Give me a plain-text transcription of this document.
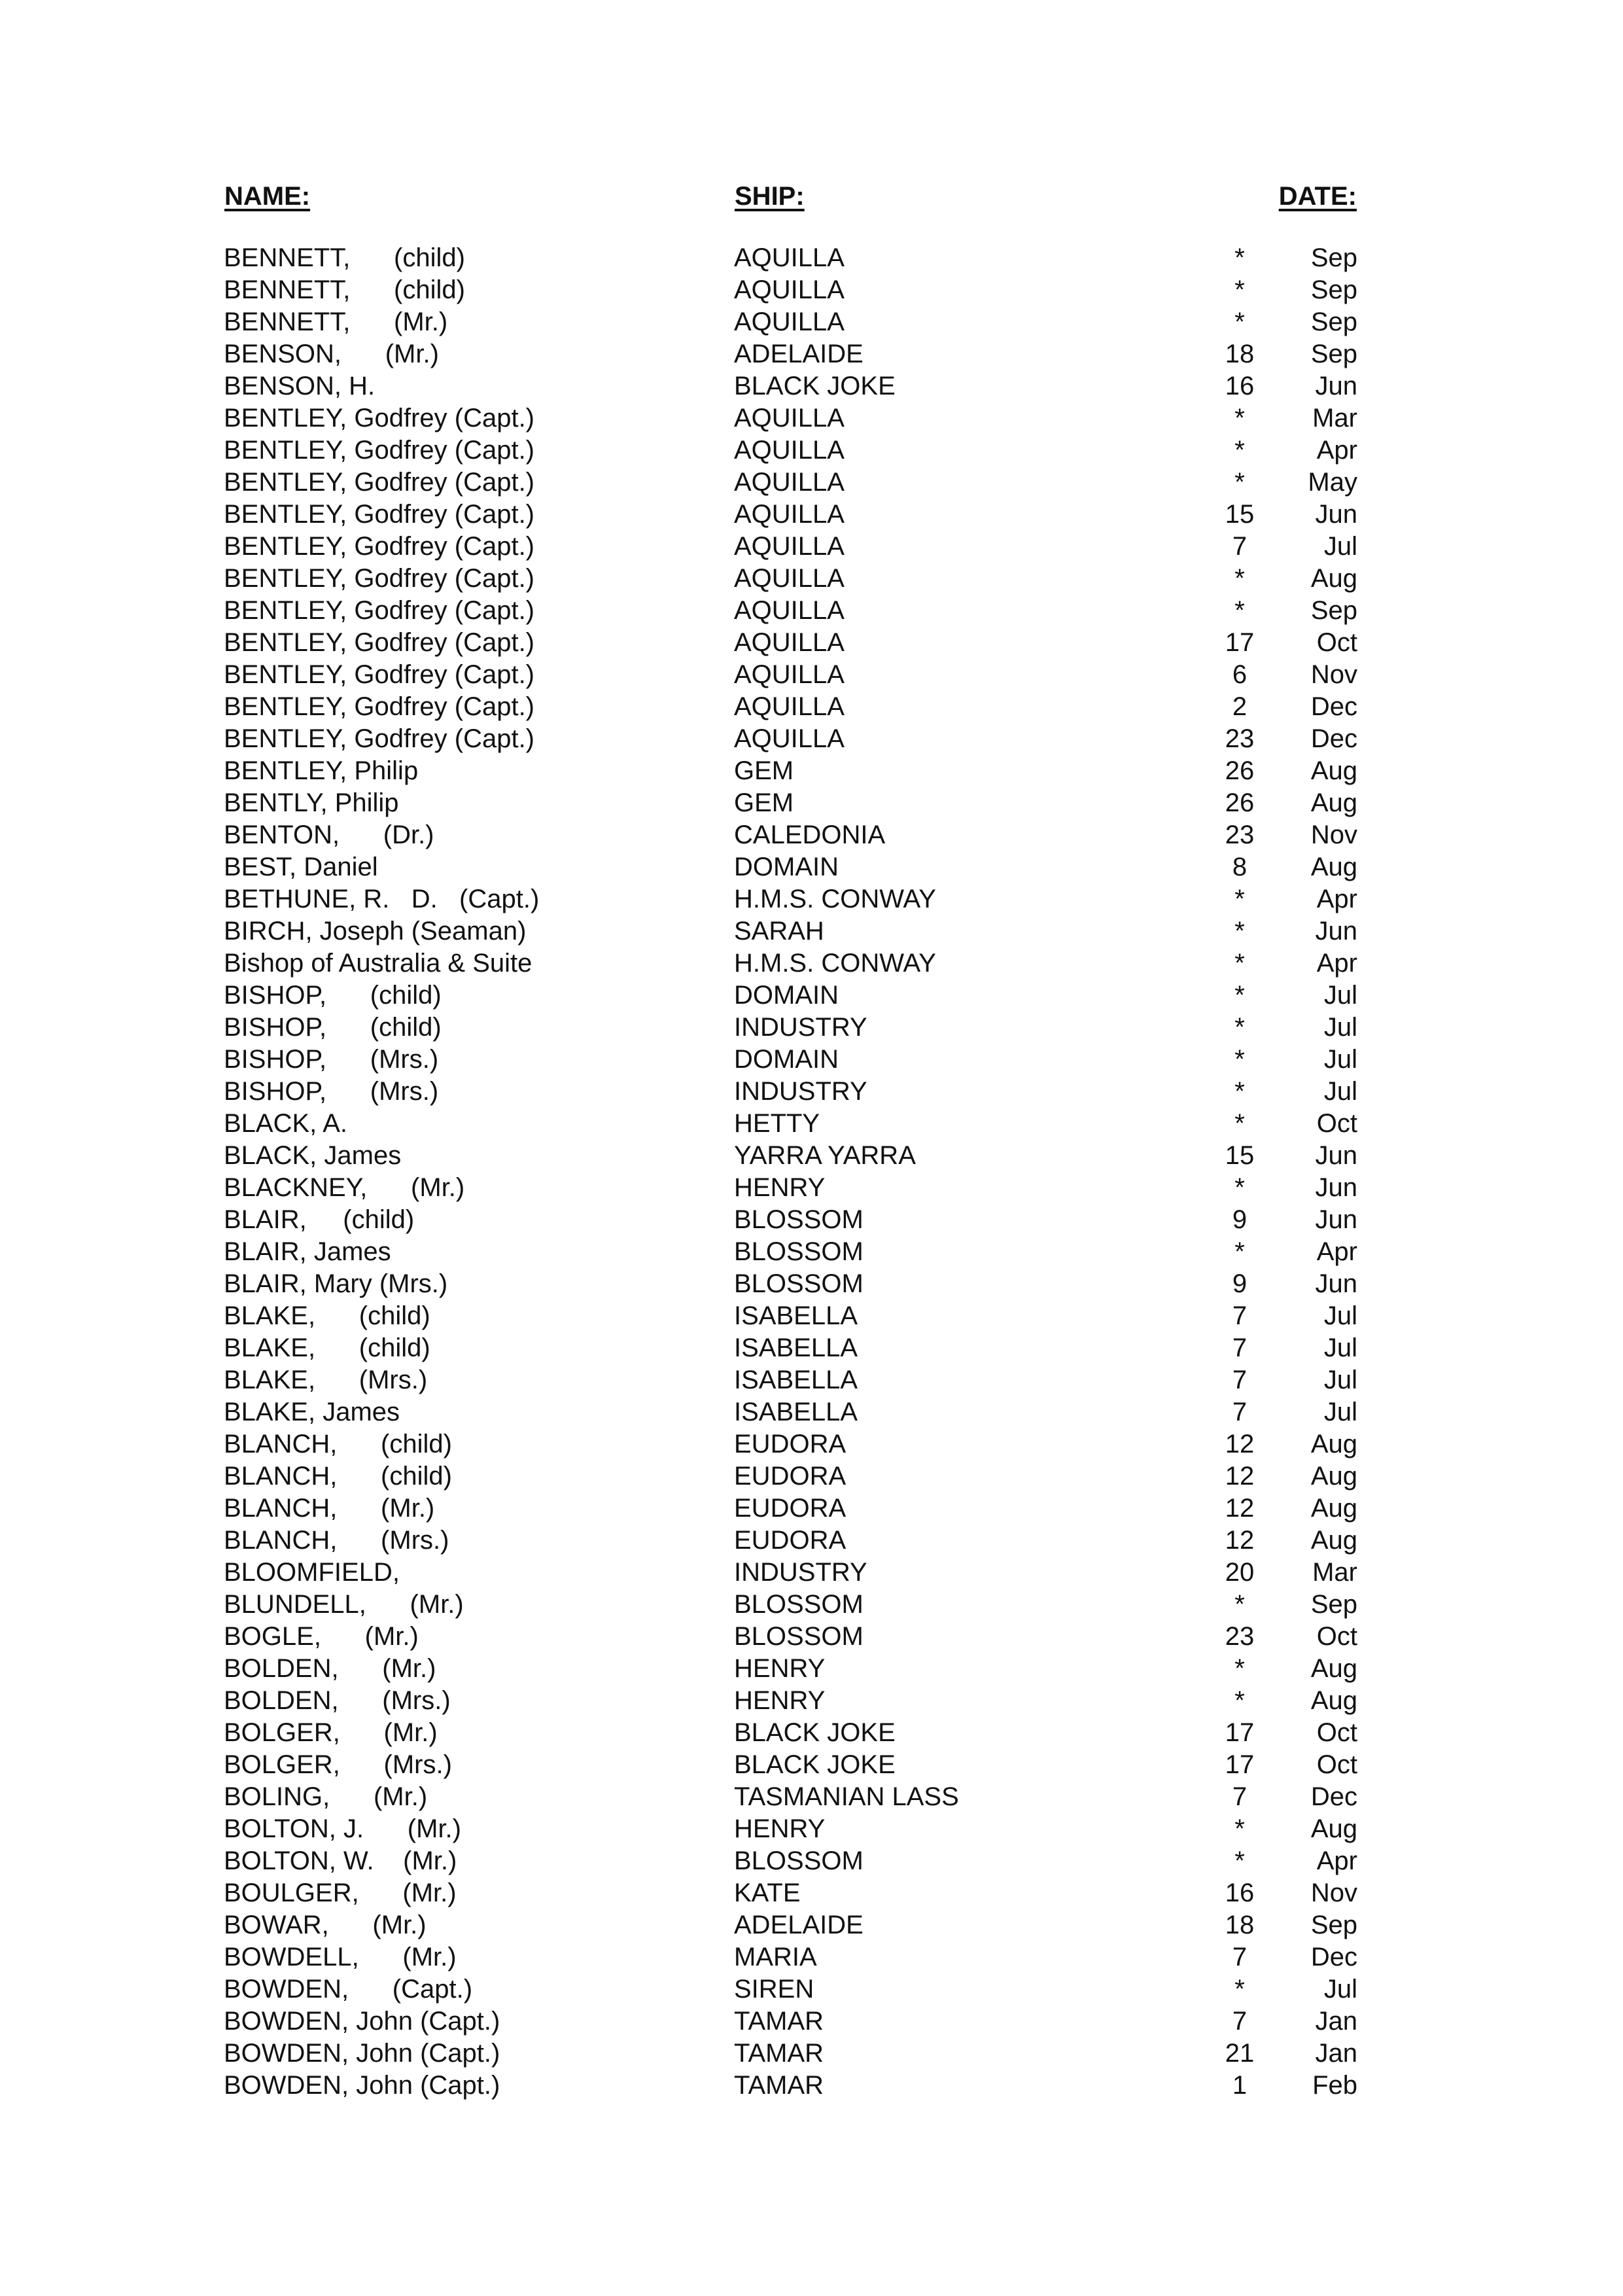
NAME:	SHIP:	DATE:
BENNETT,      (child)	AQUILLA	*	Sep
BENNETT,      (child)	AQUILLA	*	Sep
BENNETT,      (Mr.)	AQUILLA	*	Sep
BENSON,      (Mr.)	ADELAIDE	18	Sep
BENSON, H.	BLACK JOKE	16	Jun
BENTLEY, Godfrey (Capt.)	AQUILLA	*	Mar
BENTLEY, Godfrey (Capt.)	AQUILLA	*	Apr
BENTLEY, Godfrey (Capt.)	AQUILLA	*	May
BENTLEY, Godfrey (Capt.)	AQUILLA	15	Jun
BENTLEY, Godfrey (Capt.)	AQUILLA	7	Jul
BENTLEY, Godfrey (Capt.)	AQUILLA	*	Aug
BENTLEY, Godfrey (Capt.)	AQUILLA	*	Sep
BENTLEY, Godfrey (Capt.)	AQUILLA	17	Oct
BENTLEY, Godfrey (Capt.)	AQUILLA	6	Nov
BENTLEY, Godfrey (Capt.)	AQUILLA	2	Dec
BENTLEY, Godfrey (Capt.)	AQUILLA	23	Dec
BENTLEY, Philip	GEM	26	Aug
BENTLY, Philip	GEM	26	Aug
BENTON,      (Dr.)	CALEDONIA	23	Nov
BEST, Daniel	DOMAIN	8	Aug
BETHUNE, R.   D.   (Capt.)	H.M.S. CONWAY	*	Apr
BIRCH, Joseph (Seaman)	SARAH	*	Jun
Bishop of Australia & Suite	H.M.S. CONWAY	*	Apr
BISHOP,      (child)	DOMAIN	*	Jul
BISHOP,      (child)	INDUSTRY	*	Jul
BISHOP,      (Mrs.)	DOMAIN	*	Jul
BISHOP,      (Mrs.)	INDUSTRY	*	Jul
BLACK, A.	HETTY	*	Oct
BLACK, James	YARRA YARRA	15	Jun
BLACKNEY,      (Mr.)	HENRY	*	Jun
BLAIR,     (child)	BLOSSOM	9	Jun
BLAIR, James	BLOSSOM	*	Apr
BLAIR, Mary (Mrs.)	BLOSSOM	9	Jun
BLAKE,      (child)	ISABELLA	7	Jul
BLAKE,      (child)	ISABELLA	7	Jul
BLAKE,      (Mrs.)	ISABELLA	7	Jul
BLAKE, James	ISABELLA	7	Jul
BLANCH,      (child)	EUDORA	12	Aug
BLANCH,      (child)	EUDORA	12	Aug
BLANCH,      (Mr.)	EUDORA	12	Aug
BLANCH,      (Mrs.)	EUDORA	12	Aug
BLOOMFIELD,	INDUSTRY	20	Mar
BLUNDELL,      (Mr.)	BLOSSOM	*	Sep
BOGLE,      (Mr.)	BLOSSOM	23	Oct
BOLDEN,      (Mr.)	HENRY	*	Aug
BOLDEN,      (Mrs.)	HENRY	*	Aug
BOLGER,      (Mr.)	BLACK JOKE	17	Oct
BOLGER,      (Mrs.)	BLACK JOKE	17	Oct
BOLING,      (Mr.)	TASMANIAN LASS	7	Dec
BOLTON, J.      (Mr.)	HENRY	*	Aug
BOLTON, W.    (Mr.)	BLOSSOM	*	Apr
BOULGER,      (Mr.)	KATE	16	Nov
BOWAR,      (Mr.)	ADELAIDE	18	Sep
BOWDELL,      (Mr.)	MARIA	7	Dec
BOWDEN,      (Capt.)	SIREN	*	Jul
BOWDEN, John (Capt.)	TAMAR	7	Jan
BOWDEN, John (Capt.)	TAMAR	21	Jan
BOWDEN, John (Capt.)	TAMAR	1	Feb
